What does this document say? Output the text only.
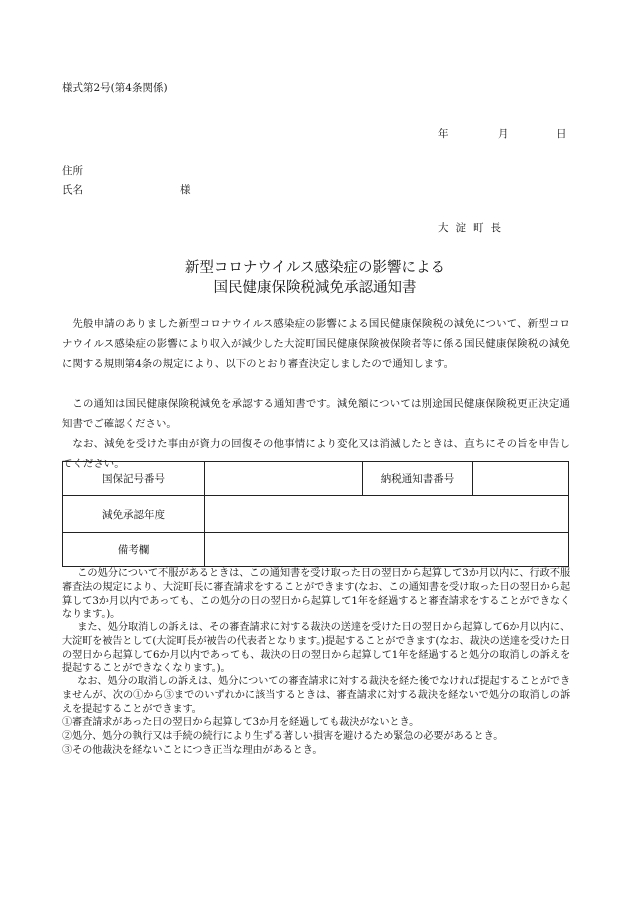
様式第2号(第4条関係)
年	月	日
住所
氏名	様
大淀町長
新型コロナウイルス感染症の影響による
国民健康保険税減免承認通知書
先般申請のありました新型コロナウイルス感染症の影響による国民健康保険税の減免について、新型コロナウイルス感染症の影響により収入が減少した大淀町国民健康保険被保険者等に係る国民健康保険税の減免に関する規則第4条の規定により、以下のとおり審査決定しましたので通知します。
この通知は国民健康保険税減免を承認する通知書です。減免額については別途国民健康保険税更正決定通知書でご確認ください。
なお、減免を受けた事由が資力の回復その他事情により変化又は消滅したときは、直ちにその旨を申告してください。
国保記号番号		納税通知書番号	
減免承認年度			
備考欄			
この処分について不服があるときは、この通知書を受け取った日の翌日から起算して3か月以内に、行政不服審査法の規定により、大淀町長に審査請求をすることができます(なお、この通知書を受け取った日の翌日から起算して3か月以内であっても、この処分の日の翌日から起算して1年を経過すると審査請求をすることができなくなります。)。
また、処分取消しの訴えは、その審査請求に対する裁決の送達を受けた日の翌日から起算して6か月以内に、大淀町を被告として(大淀町長が被告の代表者となります。)提起することができます(なお、裁決の送達を受けた日の翌日から起算して6か月以内であっても、裁決の日の翌日から起算して1年を経過すると処分の取消しの訴えを提起することができなくなります。)。
なお、処分の取消しの訴えは、処分についての審査請求に対する裁決を経た後でなければ提起することができませんが、次の①から③までのいずれかに該当するときは、審査請求に対する裁決を経ないで処分の取消しの訴えを提起することができます。
①審査請求があった日の翌日から起算して3か月を経過しても裁決がないとき。
②処分、処分の執行又は手続の続行により生ずる著しい損害を避けるため緊急の必要があるとき。
③その他裁決を経ないことにつき正当な理由があるとき。
